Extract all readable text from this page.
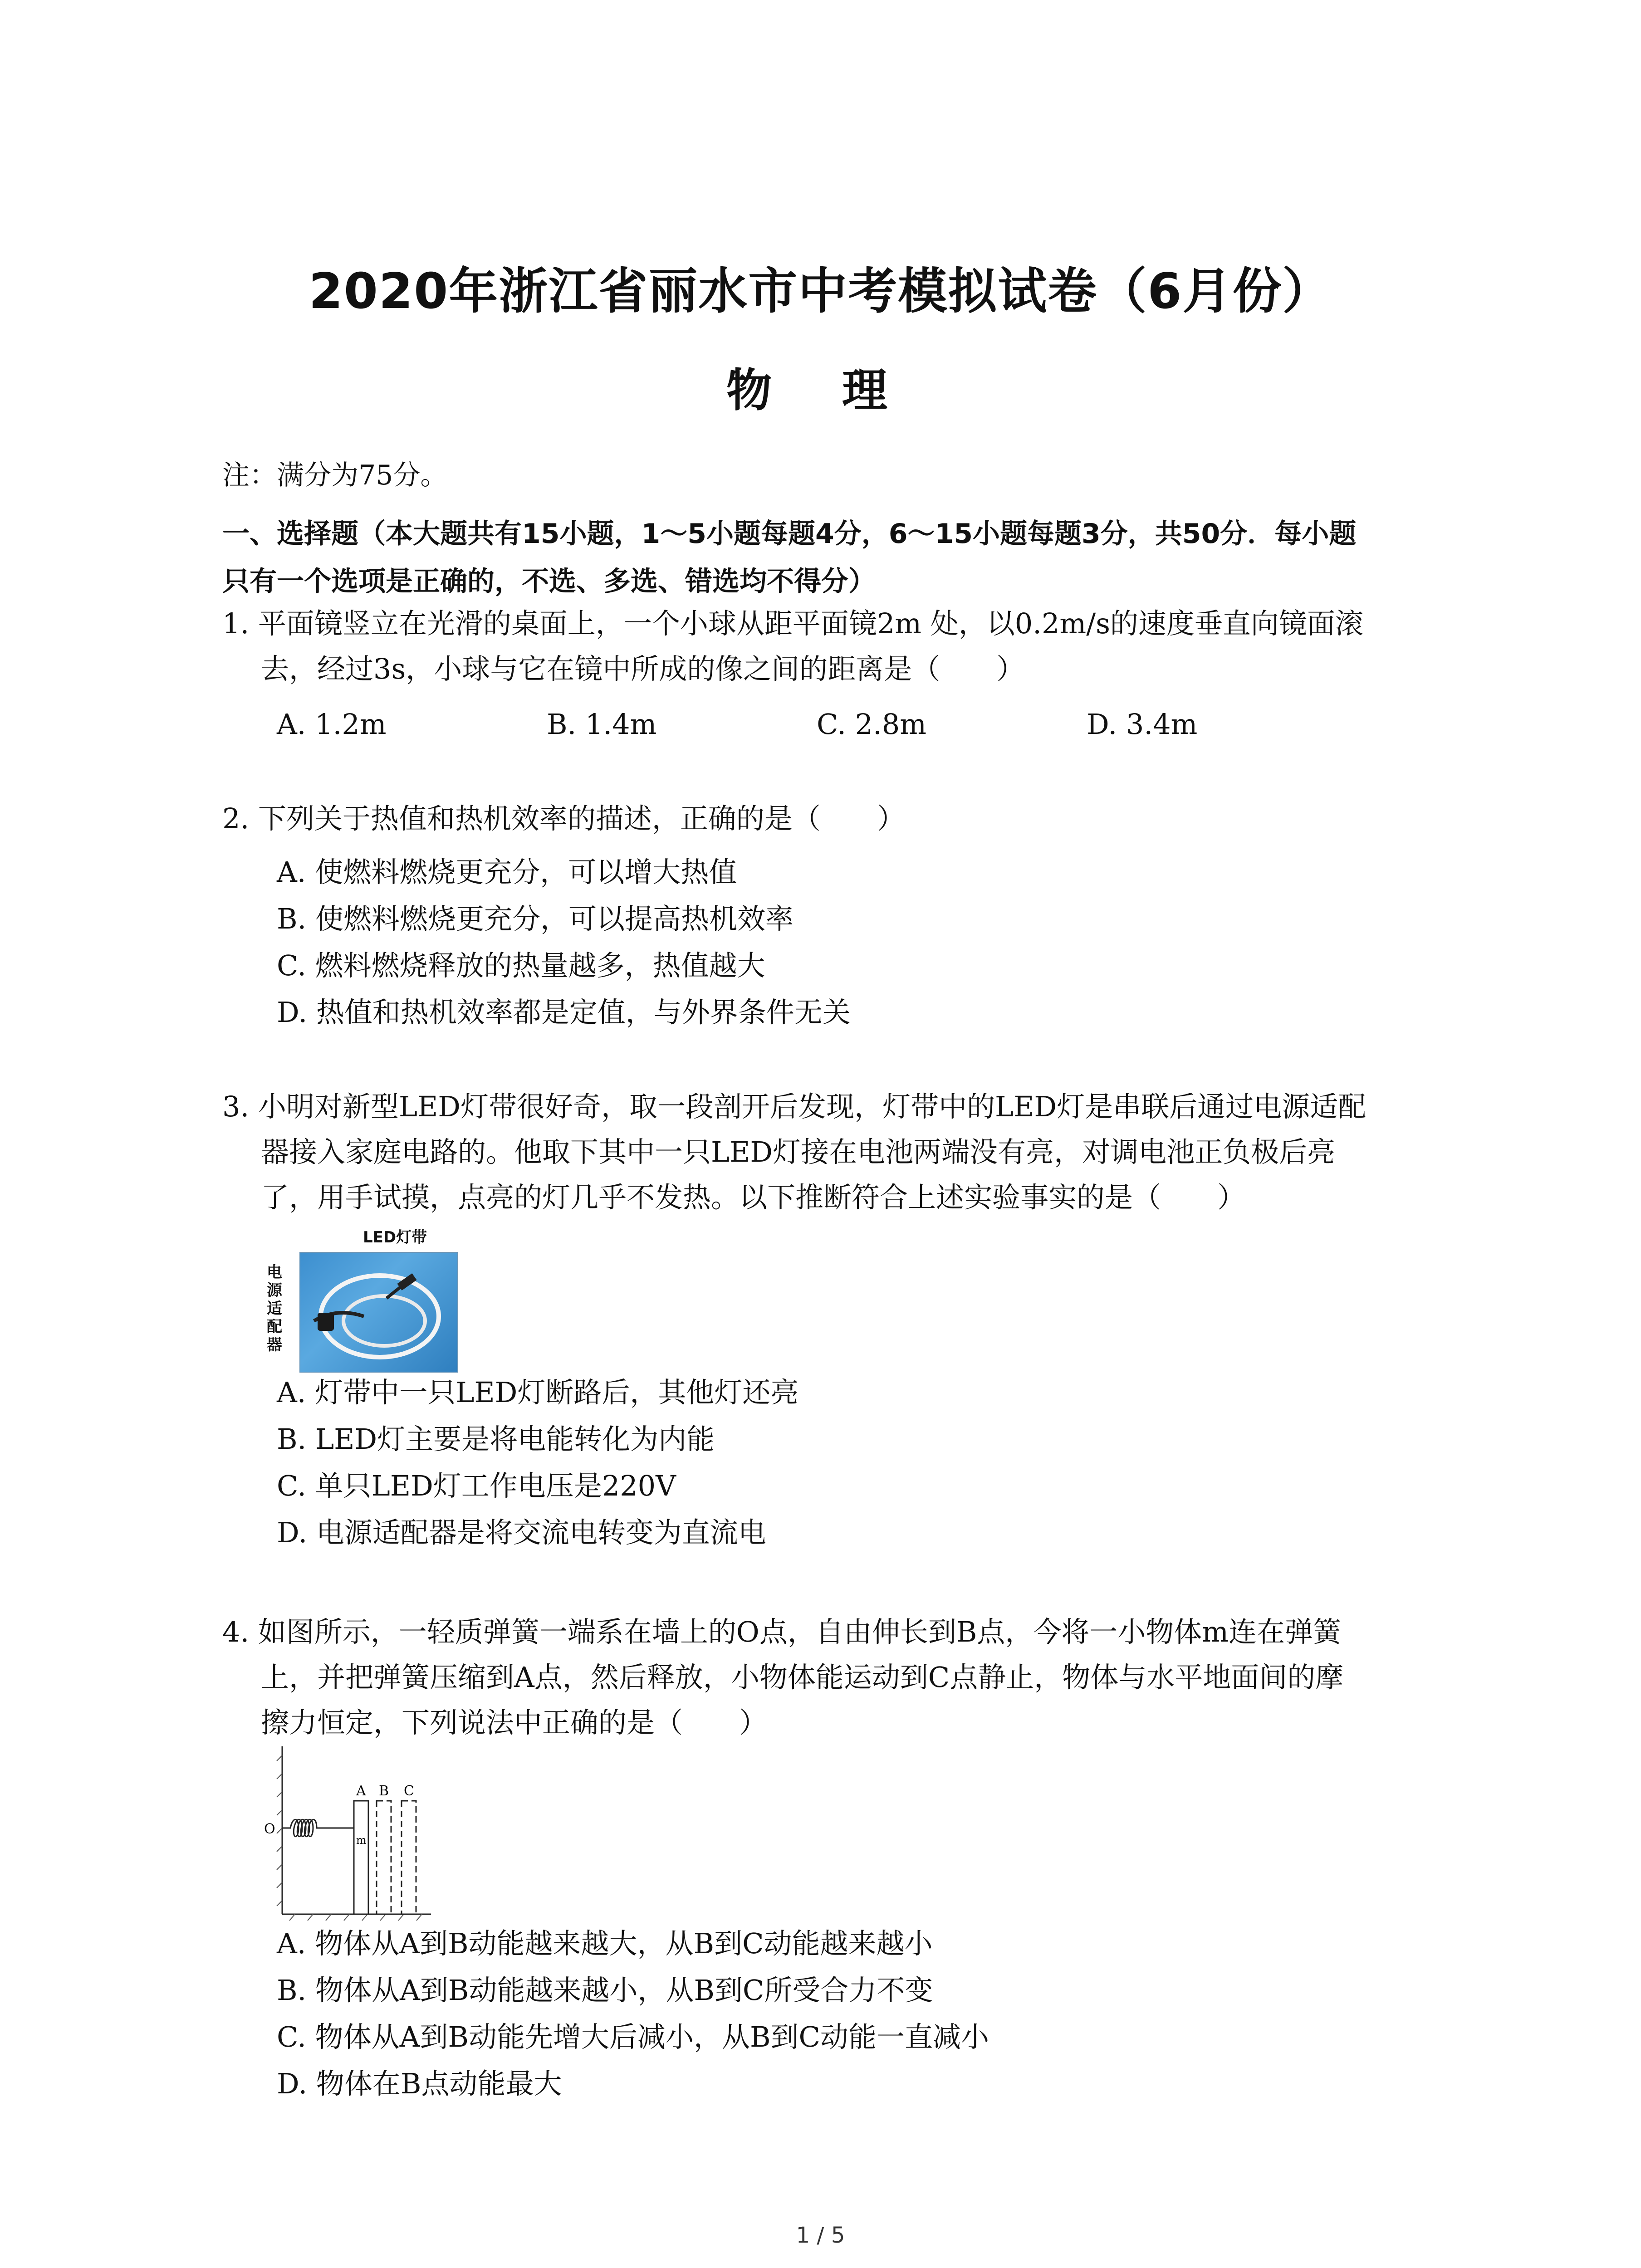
2020年浙江省丽水市中考模拟试卷（6月份）
物 理
注：满分为75分。
一、选择题（本大题共有15小题，1～5小题每题4分，6～15小题每题3分，共50分．每小题
只有一个选项是正确的，不选、多选、错选均不得分）
1. 平面镜竖立在光滑的桌面上，一个小球从距平面镜2m 处，以0.2m/s的速度垂直向镜面滚
去，经过3s，小球与它在镜中所成的像之间的距离是（　　）
A. 1.2m	B. 1.4m	C. 2.8m	D. 3.4m
2. 下列关于热值和热机效率的描述，正确的是（　　）
A. 使燃料燃烧更充分，可以增大热值
B. 使燃料燃烧更充分，可以提高热机效率
C. 燃料燃烧释放的热量越多，热值越大
D. 热值和热机效率都是定值，与外界条件无关
3. 小明对新型LED灯带很好奇，取一段剖开后发现，灯带中的LED灯是串联后通过电源适配
器接入家庭电路的。他取下其中一只LED灯接在电池两端没有亮，对调电池正负极后亮
了，用手试摸，点亮的灯几乎不发热。以下推断符合上述实验事实的是（　　）
LED灯带
电源适配器
A. 灯带中一只LED灯断路后，其他灯还亮
B. LED灯主要是将电能转化为内能
C. 单只LED灯工作电压是220V
D. 电源适配器是将交流电转变为直流电
4. 如图所示，一轻质弹簧一端系在墙上的O点，自由伸长到B点，今将一小物体m连在弹簧
上，并把弹簧压缩到A点，然后释放，小物体能运动到C点静止，物体与水平地面间的摩
擦力恒定，下列说法中正确的是（　　）
O
A B C
m
A. 物体从A到B动能越来越大，从B到C动能越来越小
B. 物体从A到B动能越来越小，从B到C所受合力不变
C. 物体从A到B动能先增大后减小，从B到C动能一直减小
D. 物体在B点动能最大
1 / 5
